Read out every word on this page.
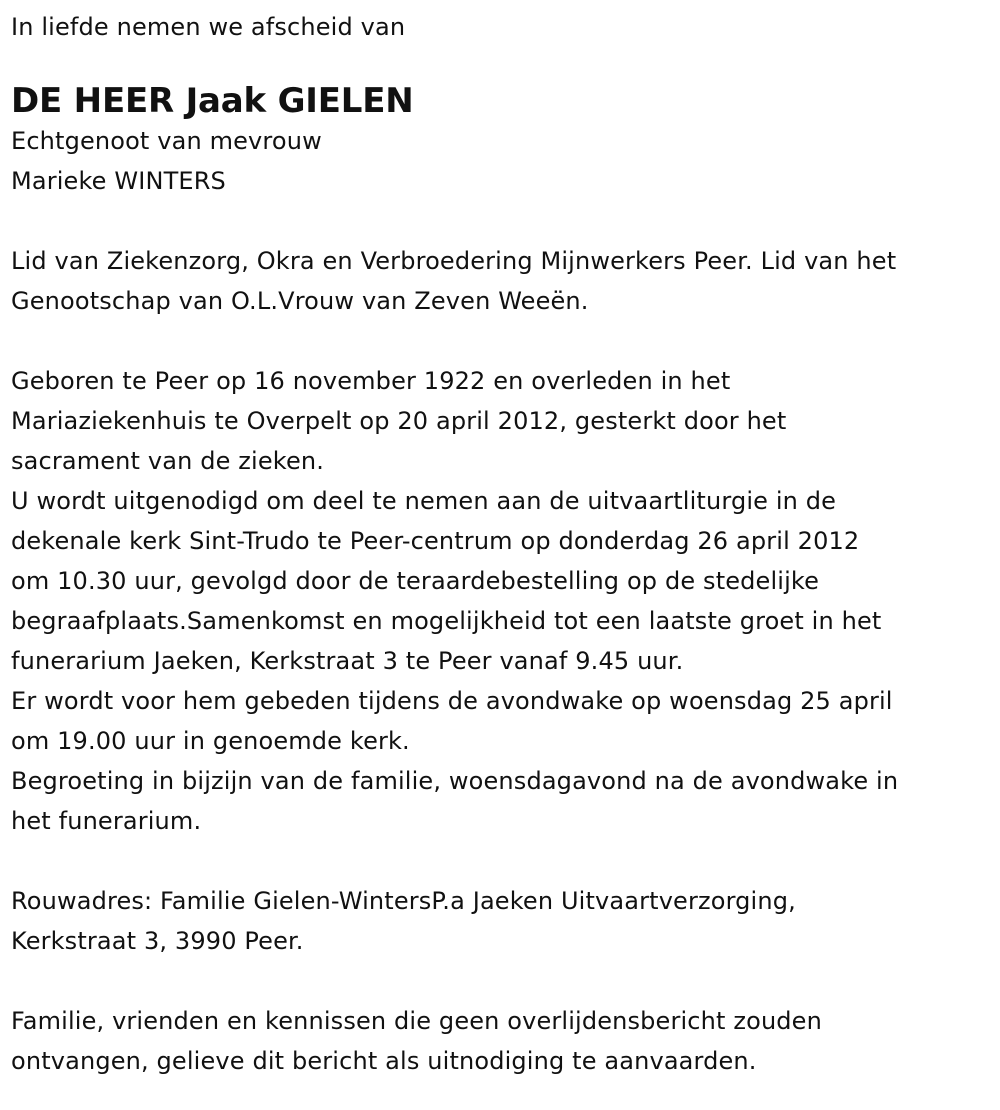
In liefde nemen we afscheid van
DE HEER Jaak GIELEN
Echtgenoot van mevrouw
Marieke WINTERS
Lid van Ziekenzorg, Okra en Verbroedering Mijnwerkers Peer. Lid van het
Genootschap van O.L.Vrouw van Zeven Weeën.
Geboren te Peer op 16 november 1922 en overleden in het
Mariaziekenhuis te Overpelt op 20 april 2012, gesterkt door het
sacrament van de zieken.
U wordt uitgenodigd om deel te nemen aan de uitvaartliturgie in de
dekenale kerk Sint-Trudo te Peer-centrum op donderdag 26 april 2012
om 10.30 uur, gevolgd door de teraardebestelling op de stedelijke
begraafplaats.Samenkomst en mogelijkheid tot een laatste groet in het
funerarium Jaeken, Kerkstraat 3 te Peer vanaf 9.45 uur.
Er wordt voor hem gebeden tijdens de avondwake op woensdag 25 april
om 19.00 uur in genoemde kerk.
Begroeting in bijzijn van de familie, woensdagavond na de avondwake in
het funerarium.
Rouwadres: Familie Gielen-WintersP.a Jaeken Uitvaartverzorging,
Kerkstraat 3, 3990 Peer.
Familie, vrienden en kennissen die geen overlijdensbericht zouden
ontvangen, gelieve dit bericht als uitnodiging te aanvaarden.
